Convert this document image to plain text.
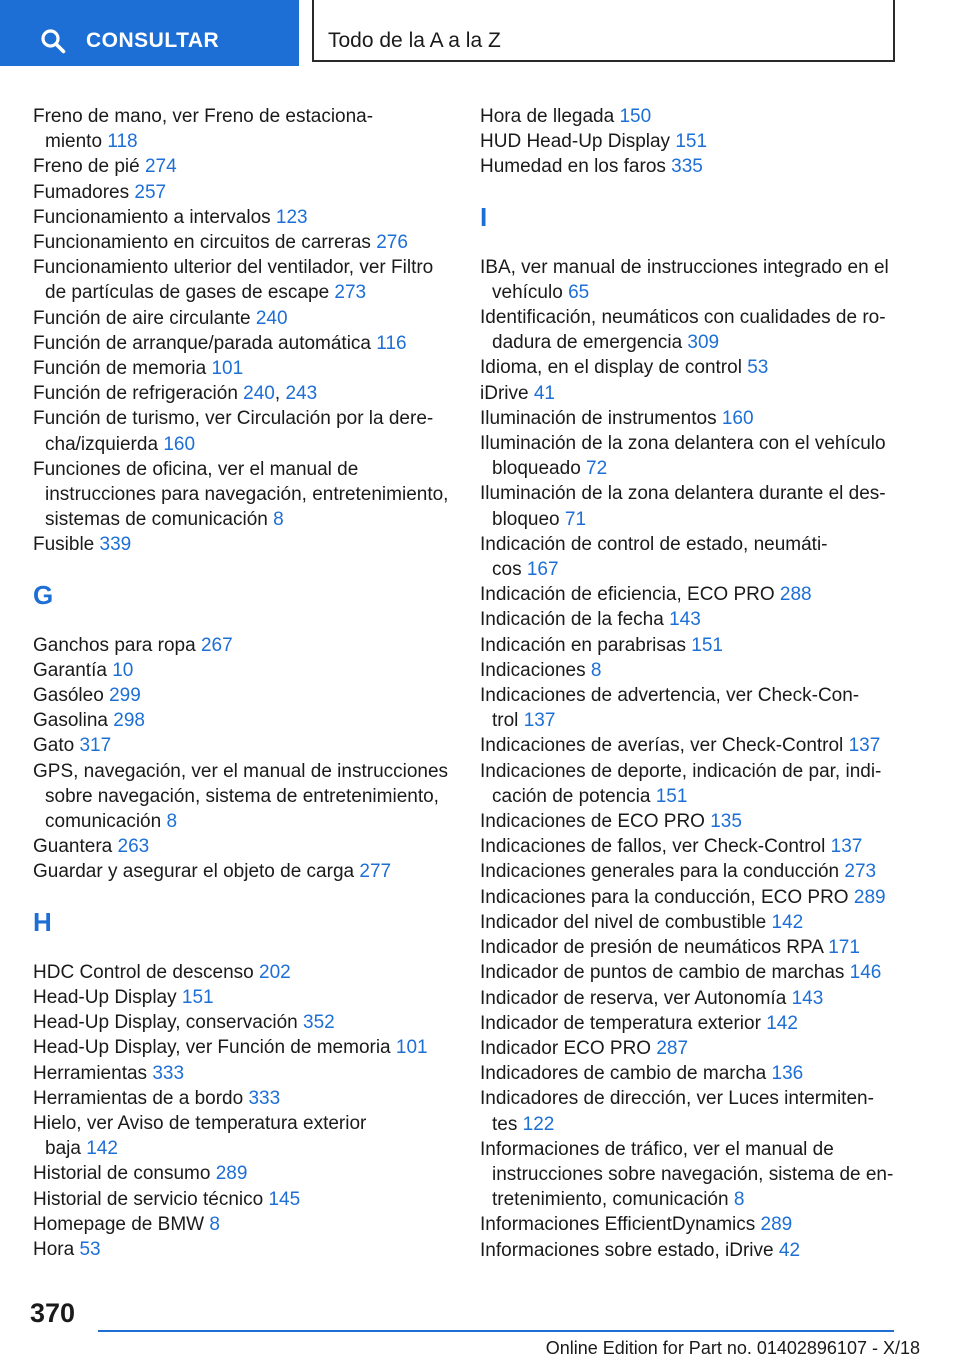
CONSULTAR	Todo de la A a la Z
Freno de mano, ver Freno de estaciona-
miento 118
Freno de pié 274
Fumadores 257
Funcionamiento a intervalos 123
Funcionamiento en circuitos de carreras 276
Funcionamiento ulterior del ventilador, ver Filtro
de partículas de gases de escape 273
Función de aire circulante 240
Función de arranque/parada automática 116
Función de memoria 101
Función de refrigeración 240, 243
Función de turismo, ver Circulación por la dere-
cha/izquierda 160
Funciones de oficina, ver el manual de
instrucciones para navegación, entretenimiento,
sistemas de comunicación 8
Fusible 339
G
Ganchos para ropa 267
Garantía 10
Gasóleo 299
Gasolina 298
Gato 317
GPS, navegación, ver el manual de instrucciones
sobre navegación, sistema de entretenimiento,
comunicación 8
Guantera 263
Guardar y asegurar el objeto de carga 277
H
HDC Control de descenso 202
Head-Up Display 151
Head-Up Display, conservación 352
Head-Up Display, ver Función de memoria 101
Herramientas 333
Herramientas de a bordo 333
Hielo, ver Aviso de temperatura exterior
baja 142
Historial de consumo 289
Historial de servicio técnico 145
Homepage de BMW 8
Hora 53
Hora de llegada 150
HUD Head-Up Display 151
Humedad en los faros 335
I
IBA, ver manual de instrucciones integrado en el
vehículo 65
Identificación, neumáticos con cualidades de ro-
dadura de emergencia 309
Idioma, en el display de control 53
iDrive 41
Iluminación de instrumentos 160
Iluminación de la zona delantera con el vehículo
bloqueado 72
Iluminación de la zona delantera durante el des-
bloqueo 71
Indicación de control de estado, neumáti-
cos 167
Indicación de eficiencia, ECO PRO 288
Indicación de la fecha 143
Indicación en parabrisas 151
Indicaciones 8
Indicaciones de advertencia, ver Check-Con-
trol 137
Indicaciones de averías, ver Check-Control 137
Indicaciones de deporte, indicación de par, indi-
cación de potencia 151
Indicaciones de ECO PRO 135
Indicaciones de fallos, ver Check-Control 137
Indicaciones generales para la conducción 273
Indicaciones para la conducción, ECO PRO 289
Indicador del nivel de combustible 142
Indicador de presión de neumáticos RPA 171
Indicador de puntos de cambio de marchas 146
Indicador de reserva, ver Autonomía 143
Indicador de temperatura exterior 142
Indicador ECO PRO 287
Indicadores de cambio de marcha 136
Indicadores de dirección, ver Luces intermiten-
tes 122
Informaciones de tráfico, ver el manual de
instrucciones sobre navegación, sistema de en-
tretenimiento, comunicación 8
Informaciones EfficientDynamics 289
Informaciones sobre estado, iDrive 42
370
Online Edition for Part no. 01402896107 - X/18
